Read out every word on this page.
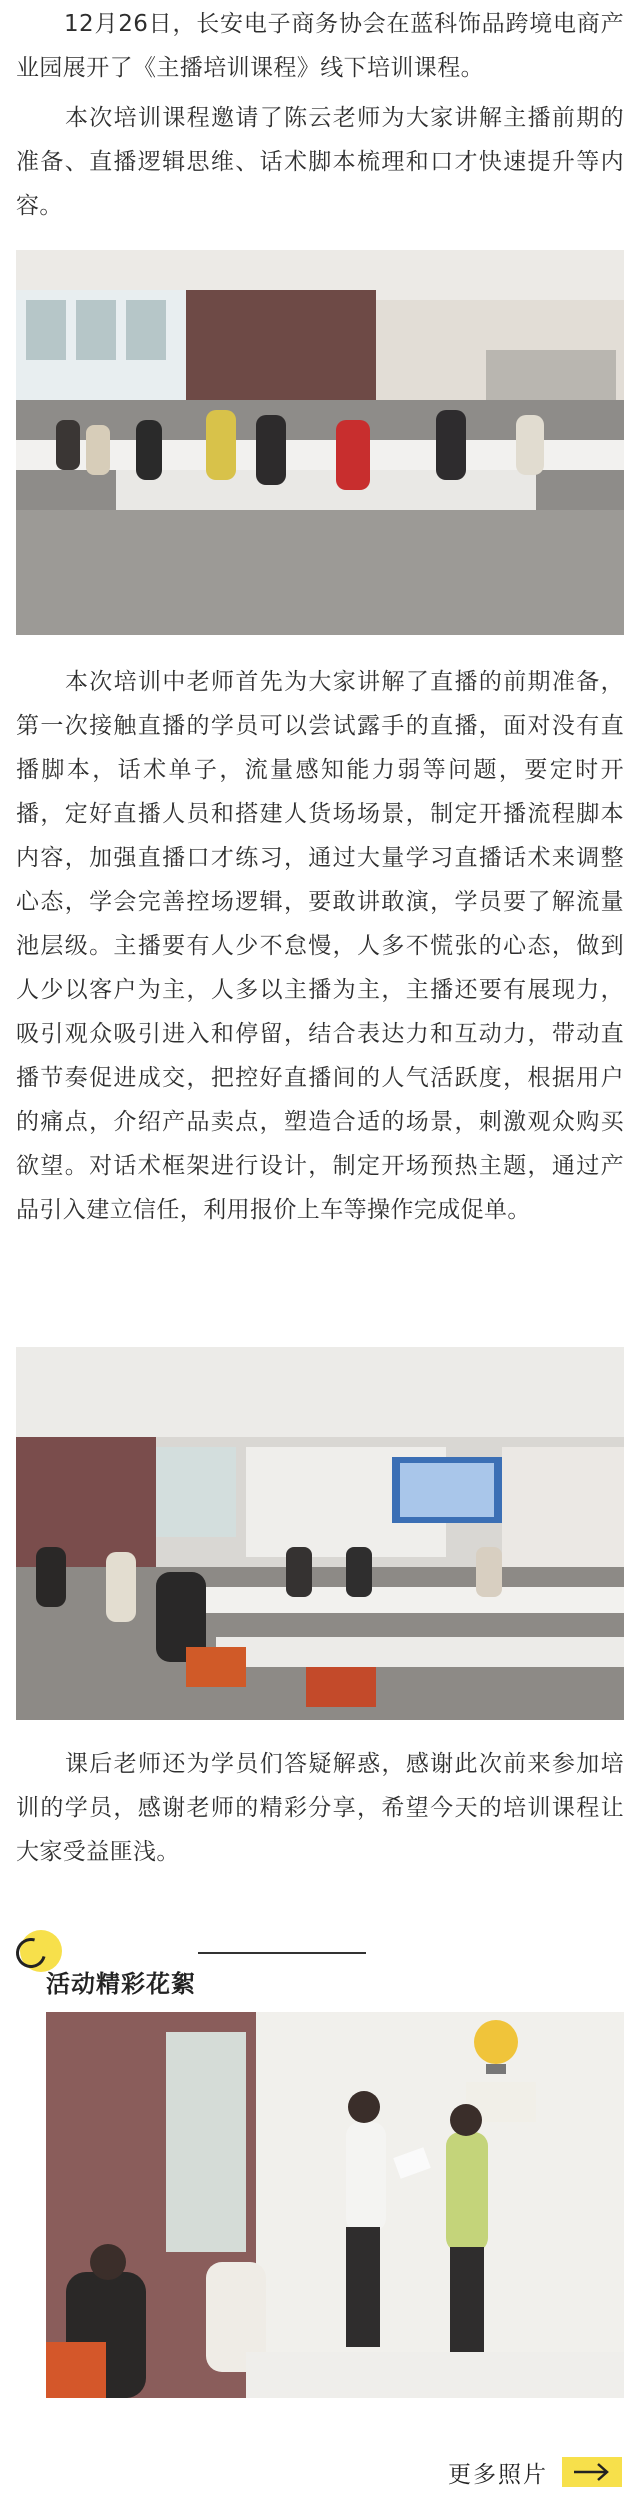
12月26日，长安电子商务协会在蓝科饰品跨境电商产业园展开了《主播培训课程》线下培训课程。

本次培训课程邀请了陈云老师为大家讲解主播前期的准备、直播逻辑思维、话术脚本梳理和口才快速提升等内容。

本次培训中老师首先为大家讲解了直播的前期准备，第一次接触直播的学员可以尝试露手的直播，面对没有直播脚本，话术单子，流量感知能力弱等问题，要定时开播，定好直播人员和搭建人货场场景，制定开播流程脚本内容，加强直播口才练习，通过大量学习直播话术来调整心态，学会完善控场逻辑，要敢讲敢演，学员要了解流量池层级。主播要有人少不怠慢，人多不慌张的心态，做到人少以客户为主，人多以主播为主，主播还要有展现力，吸引观众吸引进入和停留，结合表达力和互动力，带动直播节奏促进成交，把控好直播间的人气活跃度，根据用户的痛点，介绍产品卖点，塑造合适的场景，刺激观众购买欲望。对话术框架进行设计，制定开场预热主题，通过产品引入建立信任，利用报价上车等操作完成促单。

课后老师还为学员们答疑解惑，感谢此次前来参加培训的学员，感谢老师的精彩分享，希望今天的培训课程让大家受益匪浅。

活动精彩花絮
更多照片
